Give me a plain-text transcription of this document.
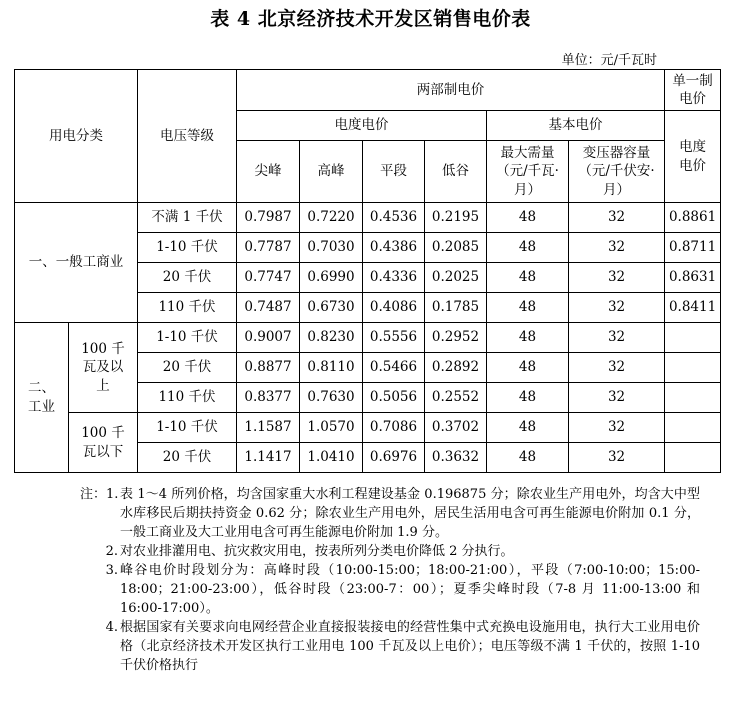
表 4 北京经济技术开发区销售电价表
单位：元/千瓦时
用电分类		电压等级	两部制电价						单一制电价
			电度电价				基本电价		电度电价
			尖峰	高峰	平段	低谷	最大需量（元/千瓦·月）	变压器容量（元/千伏安·月）	
一、一般工商业		不满 1 千伏	0.7987	0.7220	0.4536	0.2195	48	32	0.8861
		1-10 千伏	0.7787	0.7030	0.4386	0.2085	48	32	0.8711
		20 千伏	0.7747	0.6990	0.4336	0.2025	48	32	0.8631
		110 千伏	0.7487	0.6730	0.4086	0.1785	48	32	0.8411
二、工业	100 千瓦及以上	1-10 千伏	0.9007	0.8230	0.5556	0.2952	48	32	
		20 千伏	0.8877	0.8110	0.5466	0.2892	48	32	
		110 千伏	0.8377	0.7630	0.5056	0.2552	48	32	
	100 千瓦以下	1-10 千伏	1.1587	1.0570	0.7086	0.3702	48	32	
		20 千伏	1.1417	1.0410	0.6976	0.3632	48	32	
注：1. 表 1～4 所列价格，均含国家重大水利工程建设基金 0.196875 分；除农业生产用电外，均含大中型水库移民后期扶持资金 0.62 分；除农业生产用电外，居民生活用电含可再生能源电价附加 0.1 分，一般工商业及大工业用电含可再生能源电价附加 1.9 分。
2. 对农业排灌用电、抗灾救灾用电，按表所列分类电价降低 2 分执行。
3. 峰谷电价时段划分为：高峰时段（10:00-15:00；18:00-21:00），平段（7:00-10:00；15:00-18:00；21:00-23:00），低谷时段（23:00-7：00）；夏季尖峰时段（7-8 月 11:00-13:00 和 16:00-17:00）。
4. 根据国家有关要求向电网经营企业直接报装接电的经营性集中式充换电设施用电，执行大工业用电价格（北京经济技术开发区执行工业用电 100 千瓦及以上电价）；电压等级不满 1 千伏的，按照 1-10 千伏价格执行
